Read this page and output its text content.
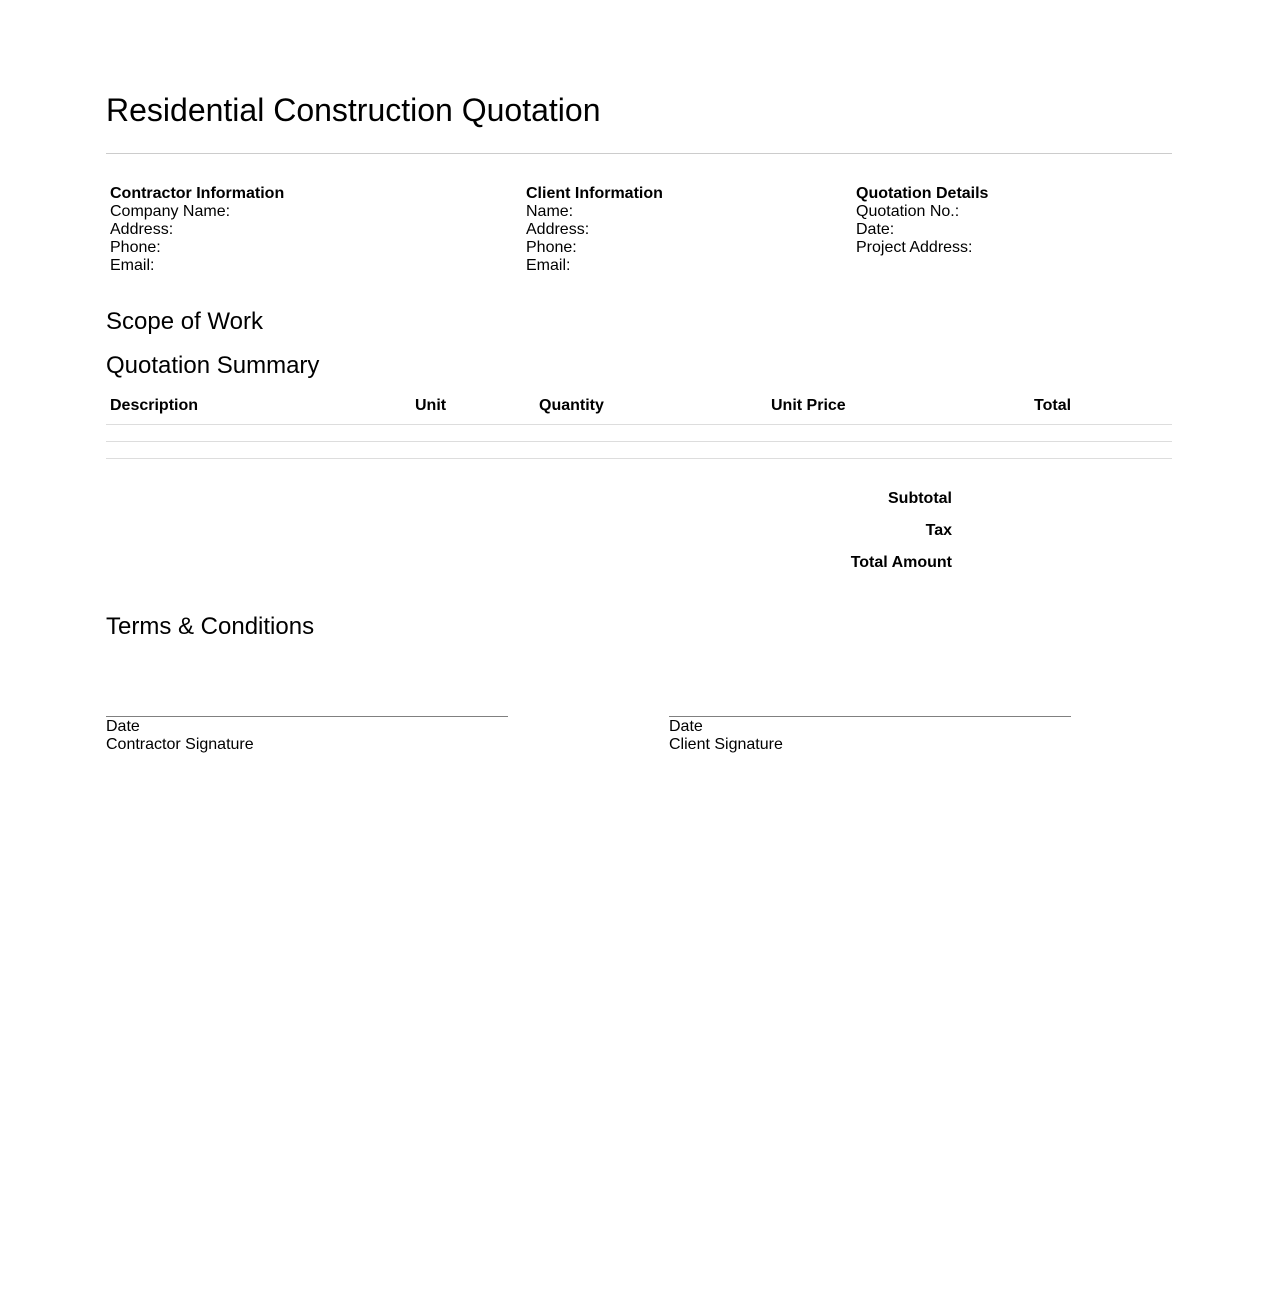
Residential Construction Quotation
Contractor Information
Company Name:
Address:
Phone:
Email:
Client Information
Name:
Address:
Phone:
Email:
Quotation Details
Quotation No.:
Date:
Project Address:
Scope of Work
Quotation Summary
Description	Unit	Quantity	Unit Price	Total

Subtotal
Tax
Total Amount
Terms & Conditions
Date
Contractor Signature
Date
Client Signature
